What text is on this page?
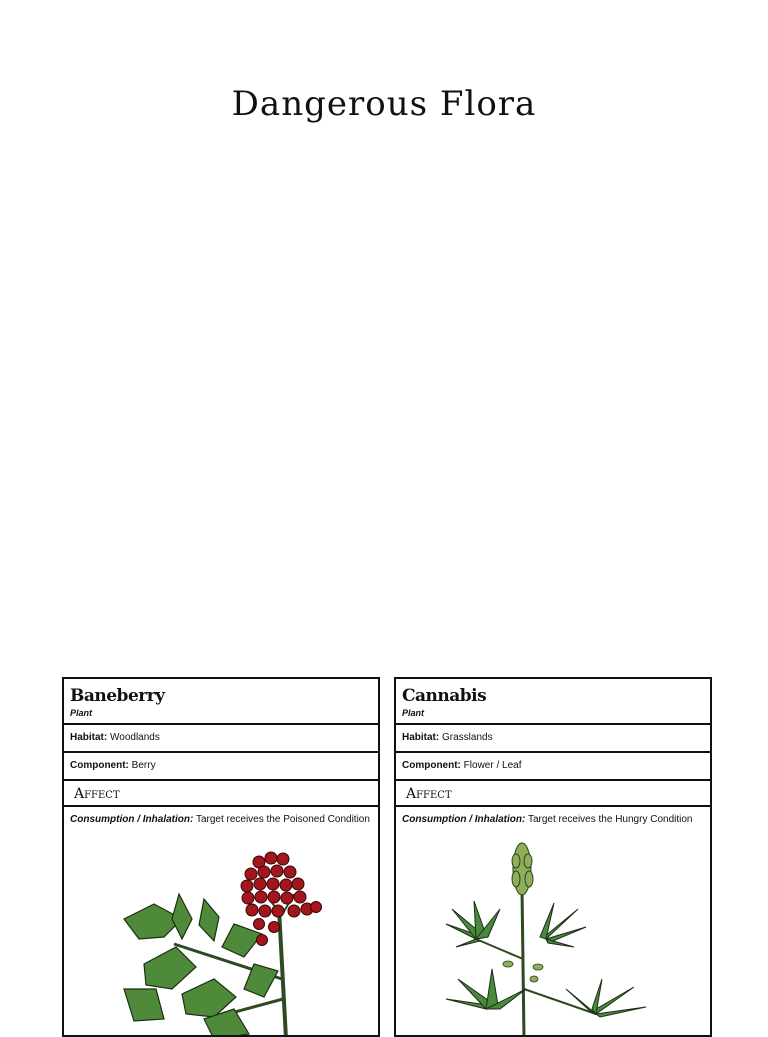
Dangerous Flora
Baneberry
Plant
Habitat: Woodlands
Component: Berry
Affect
Consumption / Inhalation: Target receives the Poisoned Condition
Cannabis
Plant
Habitat: Grasslands
Component: Flower / Leaf
Affect
Consumption / Inhalation: Target receives the Hungry Condition
